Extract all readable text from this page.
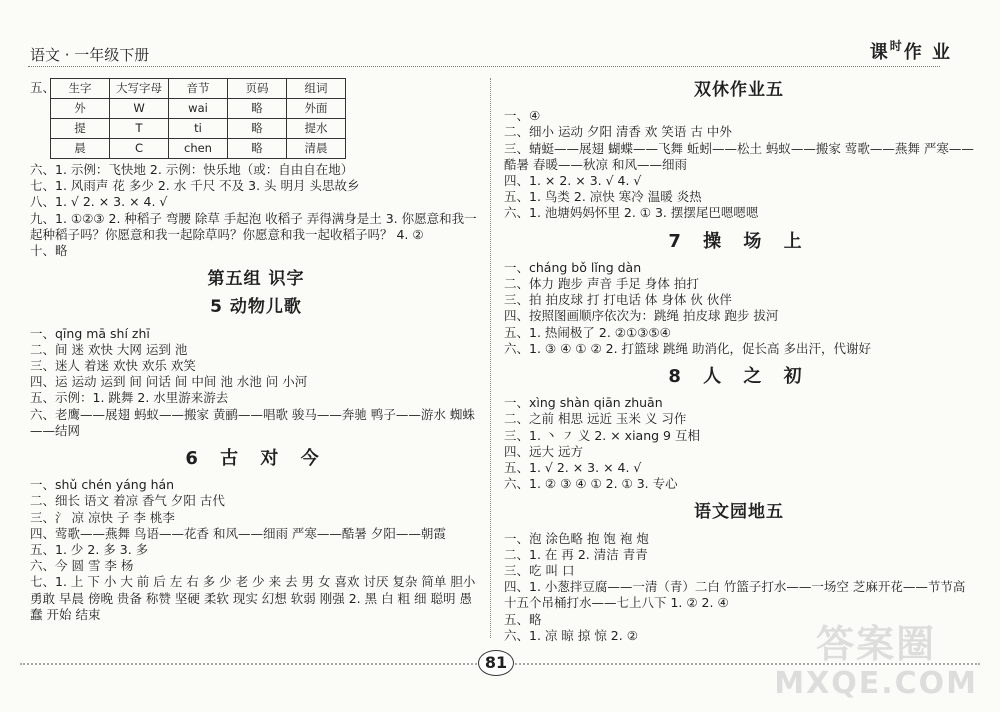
语文 · 一年级下册	课$^时$作 业
五、 生字	大写字母	音节	页码	组词
外	W	wai	略	外面
提	T	ti	略	提水
晨	C	chen	略	清晨
六、1. 示例：飞快地 2. 示例：快乐地（或：自由自在地）
七、1. 风雨声 花 多少 2. 水 千尺 不及 3. 头 明月 头思故乡
八、1. √ 2. × 3. × 4. √
九、1. ①②③ 2. 种稻子 弯腰 除草 手起泡 收稻子 弄得满身是土 3. 你愿意和我一起种稻子吗？你愿意和我一起除草吗？你愿意和我一起收稻子吗？ 4. ②
十、略
第五组 识字
5 动物儿歌
一、qīng mā shí zhī
二、间 迷 欢快 大网 运到 池
三、迷人 着迷 欢快 欢乐 欢笑
四、运 运动 运到 间 问话 间 中间 池 水池 问 小河
五、示例：1. 跳舞 2. 水里游来游去
六、老鹰——展翅 蚂蚁——搬家 黄鹂——唱歌 骏马——奔驰 鸭子——游水 蜘蛛——结网
6 古 对 今
一、shǔ chén yáng hán
二、细长 语文 着凉 香气 夕阳 古代
三、氵 凉 凉快 子 李 桃李
四、莺歌——燕舞 鸟语——花香 和风——细雨 严寒——酷暑 夕阳——朝霞
五、1. 少 2. 多 3. 多
六、今 圆 雪 李 杨
七、1. 上 下 小 大 前 后 左 右 多 少 老 少 来 去 男 女 喜欢 讨厌 复杂 简单 胆小 勇敢 早晨 傍晚 贵备 称赞 坚硬 柔软 现实 幻想 软弱 刚强 2. 黑 白 粗 细 聪明 愚蠢 开始 结束
双休作业五
一、④
二、细小 运动 夕阳 清香 欢 笑语 古 中外
三、蜻蜓——展翅 蝴蝶——飞舞 蚯蚓——松土 蚂蚁——搬家 莺歌——燕舞 严寒——酷暑 春暖——秋凉 和风——细雨
四、1. × 2. × 3. √ 4. √
五、1. 鸟类 2. 凉快 寒冷 温暖 炎热
六、1. 池塘妈妈怀里 2. ① 3. 摆摆尾巴嗯嗯嗯
7 操 场 上
一、cháng bǒ lǐng dàn
二、体力 跑步 声音 手足 身体 拍打
三、拍 拍皮球 打 打电话 体 身体 伙 伙伴
四、按照图画顺序依次为：跳绳 拍皮球 跑步 拔河
五、1. 热闹极了 2. ②①③⑤④
六、1. ③ ④ ① ② 2. 打篮球 跳绳 助消化，促长高 多出汗，代谢好
8 人 之 初
一、xìng shàn qiān zhuān
二、之前 相思 远近 玉米 义 习作
三、1. 丶 ㇇ 义 2. × xiang 9 互相
四、远大 远方
五、1. √ 2. × 3. × 4. √
六、1. ② ③ ④ ① 2. ① 3. 专心
语文园地五
一、泡 涂色略 抱 饱 袍 炮
二、1. 在 再 2. 清洁 青青
三、吃 叫 口
四、1. 小葱拌豆腐——一清（青）二白 竹篮子打水——一场空 芝麻开花——节节高 十五个吊桶打水——七上八下 1. ② 2. ④
五、略
六、1. 凉 晾 掠 惊 2. ②
81	答案圈
MXQE.COM
